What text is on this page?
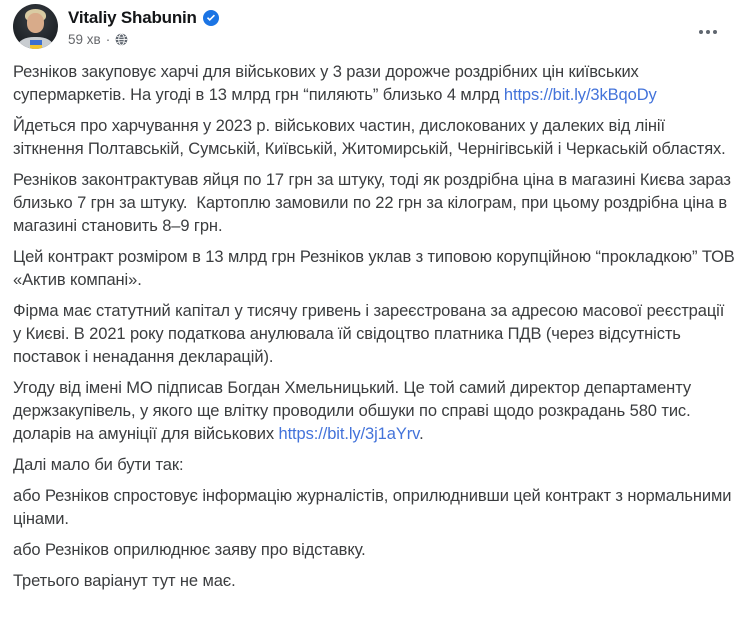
Vitaliy Shabunin
59 хв ·

Резніков закуповує харчі для військових у 3 рази дорожче роздрібних цін київських супермаркетів. На угоді в 13 млрд грн “пиляють” близько 4 млрд https://bit.ly/3kBqoDy

Йдеться про харчування у 2023 р. військових частин, дислокованих у далеких від лінії зіткнення Полтавській, Сумській, Київській, Житомирській, Чернігівській і Черкаській областях.

Резніков законтрактував яйця по 17 грн за штуку, тоді як роздрібна ціна в магазині Києва зараз близько 7 грн за штуку.  Картоплю замовили по 22 грн за кілограм, при цьому роздрібна ціна в магазині становить 8–9 грн.

Цей контракт розміром в 13 млрд грн Резніков уклав з типовою корупційною “прокладкою” ТОВ «Актив компані».

Фірма має статутний капітал у тисячу гривень і зареєстрована за адресою масової реєстрації у Києві. В 2021 року податкова анулювала їй свідоцтво платника ПДВ (через відсутність поставок і ненадання декларацій).

Угоду від імені МО підписав Богдан Хмельницький. Це той самий директор департаменту держзакупівель, у якого ще влітку проводили обшуки по справі щодо розкрадань 580 тис. доларів на амуніції для військових https://bit.ly/3j1aYrv.

Далі мало би бути так:

або Резніков спростовує інформацію журналістів, оприлюднивши цей контракт з нормальними цінами.

або Резніков оприлюднює заяву про відставку.

Третього варіанут тут не має.
